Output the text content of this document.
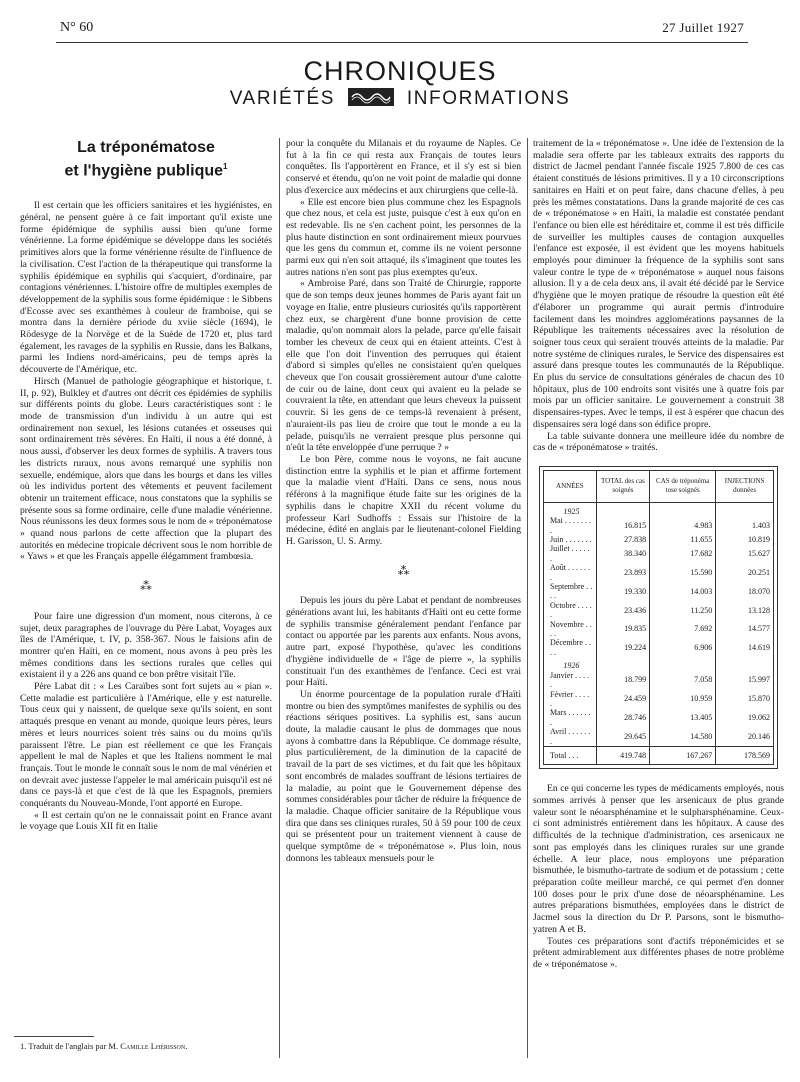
N° 60	27 Juillet 1927
CHRONIQUES
VARIÉTÉS	INFORMATIONS
La tréponématose
et l'hygiène publique$^1$

Il est certain que les officiers sanitaires et les hygiénistes, en général, ne pensent guère à ce fait important qu'il existe une forme épidémique de syphilis aussi bien qu'une forme vénérienne. La forme épidémique se développe dans les sociétés primitives alors que la forme vénérienne résulte de l'influence de la civilisation. C'est l'action de la thérapeutique qui transforme la syphilis épidémique en syphilis qui s'acquiert, d'ordinaire, par contagions vénériennes. L'histoire offre de multiples exemples de développement de la syphilis sous forme épidémique : le Sibbens d'Ecosse avec ses exanthèmes à couleur de framboise, qui se montra dans la dernière période du xviie siècle (1694), le Rödesyge de la Norvège et de la Suède de 1720 et, plus tard également, les ravages de la syphilis en Russie, dans les Balkans, parmi les Indiens nord-américains, peu de temps après la découverte de l'Amérique, etc.

Hirsch (Manuel de pathologie géographique et historique, t. II, p. 92), Bulkley et d'autres ont décrit ces épidémies de syphilis sur différents points du globe. Leurs caractéristiques sont : le mode de transmission d'un individu à un autre qui est ordinairement non sexuel, les lésions cutanées et osseuses qui sont ordinairement très sévères. En Haïti, il nous a été donné, à nous aussi, d'observer les deux formes de syphilis. A travers tous les districts ruraux, nous avons remarqué une syphilis non sexuelle, endémique, alors que dans les bourgs et dans les villes où les individus portent des vêtements et peuvent facilement obtenir un traitement efficace, nous constatons que la syphilis se présente sous sa forme ordinaire, celle d'une maladie vénérienne. Nous réunissons les deux formes sous le nom de « tréponématose » quand nous parlons de cette affection que la plupart des autorités en médecine tropicale décrivent sous le nom horrible de « Yaws » et que les Français appelle élégamment frambœsia.

⁂

Pour faire une digression d'un moment, nous citerons, à ce sujet, deux paragraphes de l'ouvrage du Père Labat, Voyages aux îles de l'Amérique, t. IV, p. 358-367. Nous le faisions afin de montrer qu'en Haïti, en ce moment, nous avons à peu près les mêmes conditions dans les sections rurales que celles qui existaient il y a 226 ans quand ce bon prêtre visitait l'île.

Père Labat dit : « Les Caraïbes sont fort sujets au « pian ». Cette maladie est particulière à l'Amérique, elle y est naturelle. Tous ceux qui y naissent, de quelque sexe qu'ils soient, en sont attaqués presque en venant au monde, quoique leurs pères, leurs mères et leurs nourrices soient très sains ou du moins qu'ils paraissent l'être. Le pian est réellement ce que les Français appellent le mal de Naples et que les Italiens nomment le mal français. Tout le monde le connaît sous le nom de mal vénérien et on devrait avec justesse l'appeler le mal américain puisqu'il est né dans ce pays-là et que c'est de là que les Espagnols, premiers conquérants du Nouveau-Monde, l'ont apporté en Europe.

« Il est certain qu'on ne le connaissait point en France avant le voyage que Louis XII fit en Italie

pour la conquête du Milanais et du royaume de Naples. Ce fut à la fin ce qui resta aux Français de toutes leurs conquêtes. Ils l'apportèrent en France, et il s'y est si bien conservé et étendu, qu'on ne voit point de maladie qui donne plus d'exercice aux médecins et aux chirurgiens que celle-là.

« Elle est encore bien plus commune chez les Espagnols que chez nous, et cela est juste, puisque c'est à eux qu'on en est redevable. Ils ne s'en cachent point, les personnes de la plus haute distinction en sont ordinairement mieux pourvues que les gens du commun et, comme ils ne voient personne parmi eux qui n'en soit attaqué, ils s'imaginent que toutes les autres nations n'en sont pas plus exemptes qu'eux.

« Ambroise Paré, dans son Traité de Chirurgie, rapporte que de son temps deux jeunes hommes de Paris ayant fait un voyage en Italie, entre plusieurs curiosités qu'ils rapportèrent chez eux, se chargèrent d'une bonne provision de cette maladie, qu'on nommait alors la pelade, parce qu'elle faisait tomber les cheveux de ceux qui en étaient atteints. C'est à elle que l'on doit l'invention des perruques qui étaient d'abord si simples qu'elles ne consistaient qu'en quelques cheveux que l'on cousait grossièrement autour d'une calotte de cuir ou de laine, dont ceux qui avaient eu la pelade se couvraient la tête, en attendant que leurs cheveux la puissent couvrir. Si les gens de ce temps-là revenaient à présent, n'auraient-ils pas lieu de croire que tout le monde a eu la pelade, puisqu'ils ne verraient presque plus personne qui n'eût la tête enveloppée d'une perruque ? »

Le bon Père, comme nous le voyons, ne fait aucune distinction entre la syphilis et le pian et affirme fortement que la maladie vient d'Haïti. Dans ce sens, nous nous référons à la magnifique étude faite sur les origines de la syphilis dans le chapitre XXII du récent volume du professeur Karl Sudhoffs : Essais sur l'histoire de la médecine, édité en anglais par le lieutenant-colonel Fielding H. Garisson, U. S. Army.

⁂

Depuis les jours du père Labat et pendant de nombreuses générations avant lui, les habitants d'Haïti ont eu cette forme de syphilis transmise généralement pendant l'enfance par contact ou apportée par les parents aux enfants. Nous avons, autre part, exposé l'hypothèse, qu'avec les conditions d'hygiène individuelle de « l'âge de pierre », la syphilis constituait l'un des exanthèmes de l'enfance. Ceci est vrai pour Haïti.

Un énorme pourcentage de la population rurale d'Haïti montre ou bien des symptômes manifestes de syphilis ou des réactions sériques positives. La syphilis est, sans aucun doute, la maladie causant le plus de dommages que nous ayons à combattre dans la République. Ce dommage résulte, plus particulièrement, de la diminution de la capacité de travail de la part de ses victimes, et du fait que les hôpitaux sont encombrés de malades souffrant de lésions tertiaires de la maladie, au point que le Gouvernement dépense des sommes considérables pour tâcher de réduire la fréquence de la maladie. Chaque officier sanitaire de la République vous dira que dans ses cliniques rurales, 50 à 59 pour 100 de ceux qui se présentent pour un traitement viennent à cause de quelque symptôme de « tréponématose ». Plus loin, nous donnons les tableaux mensuels pour le

traitement de la « tréponématose ». Une idée de l'extension de la maladie sera offerte par les tableaux extraits des rapports du district de Jacmel pendant l'année fiscale 1925 7.800 de ces cas étaient constitués de lésions primitives. Il y a 10 circonscriptions sanitaires en Haïti et on peut faire, dans chacune d'elles, à peu près les mêmes constatations. Dans la grande majorité de ces cas de « tréponématose » en Haïti, la maladie est constatée pendant l'enfance ou bien elle est héréditaire et, comme il est très difficile de surveiller les multiples causes de contagion auxquelles l'enfance est exposée, il est évident que les moyens habituels employés pour diminuer la fréquence de la syphilis sont sans valeur contre le type de « tréponématose » auquel nous faisons allusion. Il y a de cela deux ans, il avait été décidé par le Service d'hygiène que le moyen pratique de résoudre la question eût été d'élaborer un programme qui aurait permis d'introduire facilement dans les moindres agglomérations paysannes de la République les traitements nécessaires avec la résolution de soigner tous ceux qui seraient trouvés atteints de la maladie. Par notre système de cliniques rurales, le Service des dispensaires est assuré dans presque toutes les communautés de la République. En plus du service de consultations générales de chacun des 10 hôpitaux, plus de 100 endroits sont visités une à quatre fois par mois par un officier sanitaire. Le gouvernement a construit 38 dispensaires-types. Avec le temps, il est à espérer que chacun des dispensaires sera logé dans son édifice propre.

La table suivante donnera une meilleure idée du nombre de cas de « tréponématose » traités.

ANNÉES	TOTAL des cas soignés	CAS de tréponéma tose soignés	INJECTIONS données
1925			
Mai . . . . . . . .	16.815	4.983	1.403
Juin . . . . . . .	27.838	11.655	10.819
Juillet . . . . . .	38.340	17.682	15.627
Août . . . . . . .	23.893	15.590	20.251
Septembre . . . .	19.330	14.003	18.070
Octobre . . . . .	23.436	11.250	13.128
Novembre . . . .	19.835	7.692	14.577
Décembre . . . .	19.224	6.906	14.619
1926			
Janvier . . . . .	18.799	7.058	15.997
Février . . . . .	24.459	10.959	15.870
Mars . . . . . . .	28.746	13.405	19.062
Avril . . . . . . .	29.645	14.580	20.146
Total . . .	419.748	167.267	178.569

En ce qui concerne les types de médicaments employés, nous sommes arrivés à penser que les arsenicaux de plus grande valeur sont le néoarsphénamine et le sulpharsphénamine. Ceux-ci sont administrés entièrement dans les hôpitaux. A cause des difficultés de la technique d'administration, ces arsenicaux ne sont pas employés dans les cliniques rurales sur une grande échelle. A leur place, nous employons une préparation bismuthée, le bismutho-tartrate de sodium et de potassium ; cette préparation coûte meilleur marché, ce qui permet d'en donner 100 doses pour le prix d'une dose de néoarsphénamine. Les autres préparations bismuthées, employées dans le district de Jacmel sous la direction du Dr P. Parsons, sont le bismutho-yatren A et B.

Toutes ces préparations sont d'actifs tréponémicides et se prêtent admirablement aux différentes phases de notre problème de « tréponématose ».

1. Traduit de l'anglais par M. Camille Lhérisson.
